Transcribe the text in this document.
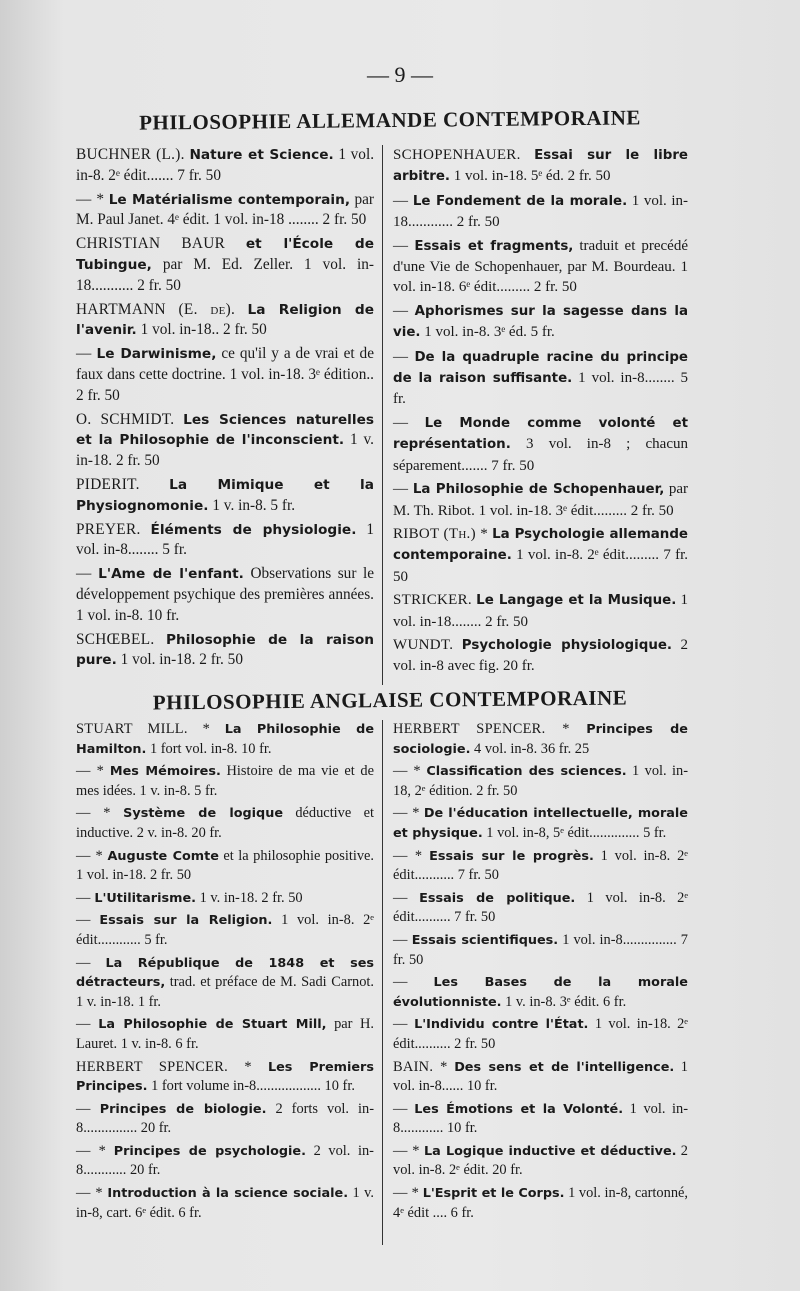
— 9 —
PHILOSOPHIE ALLEMANDE CONTEMPORAINE

BUCHNER (L.). Nature et Science. 1 vol. in-8. 2ᵉ édit....... 7 fr. 50

— * Le Matérialisme contemporain, par M. Paul Janet. 4ᵉ édit. 1 vol. in-18 ........ 2 fr. 50

CHRISTIAN BAUR et l'École de Tubingue, par M. Ed. Zeller. 1 vol. in-18........... 2 fr. 50

HARTMANN (E. de). La Religion de l'avenir. 1 vol. in-18.. 2 fr. 50

— Le Darwinisme, ce qu'il y a de vrai et de faux dans cette doctrine. 1 vol. in-18. 3ᵉ édition.. 2 fr. 50

O. SCHMIDT. Les Sciences naturelles et la Philosophie de l'inconscient. 1 v. in-18. 2 fr. 50

PIDERIT. La Mimique et la Physiognomonie. 1 v. in-8. 5 fr.

PREYER. Éléments de physiologie. 1 vol. in-8........ 5 fr.

— L'Ame de l'enfant. Observations sur le développement psychique des premières années. 1 vol. in-8. 10 fr.

SCHŒBEL. Philosophie de la raison pure. 1 vol. in-18. 2 fr. 50

SCHOPENHAUER. Essai sur le libre arbitre. 1 vol. in-18. 5ᵉ éd. 2 fr. 50

— Le Fondement de la morale. 1 vol. in-18............ 2 fr. 50

— Essais et fragments, traduit et precédé d'une Vie de Schopenhauer, par M. Bourdeau. 1 vol. in-18. 6ᵉ édit......... 2 fr. 50

— Aphorismes sur la sagesse dans la vie. 1 vol. in-8. 3ᵉ éd. 5 fr.

— De la quadruple racine du principe de la raison suffisante. 1 vol. in-8........ 5 fr.

— Le Monde comme volonté et représentation. 3 vol. in-8 ; chacun séparement....... 7 fr. 50

— La Philosophie de Schopenhauer, par M. Th. Ribot. 1 vol. in-18. 3ᵉ édit......... 2 fr. 50

RIBOT (Th.) * La Psychologie allemande contemporaine. 1 vol. in-8. 2ᵉ édit......... 7 fr. 50

STRICKER. Le Langage et la Musique. 1 vol. in-18........ 2 fr. 50

WUNDT. Psychologie physiologique. 2 vol. in-8 avec fig. 20 fr.

PHILOSOPHIE ANGLAISE CONTEMPORAINE

STUART MILL. * La Philosophie de Hamilton. 1 fort vol. in-8. 10 fr.

— * Mes Mémoires. Histoire de ma vie et de mes idées. 1 v. in-8. 5 fr.

— * Système de logique déductive et inductive. 2 v. in-8. 20 fr.

— * Auguste Comte et la philosophie positive. 1 vol. in-18. 2 fr. 50

— L'Utilitarisme. 1 v. in-18. 2 fr. 50

— Essais sur la Religion. 1 vol. in-8. 2ᵉ édit............ 5 fr.

— La République de 1848 et ses détracteurs, trad. et préface de M. Sadi Carnot. 1 v. in-18. 1 fr.

— La Philosophie de Stuart Mill, par H. Lauret. 1 v. in-8. 6 fr.

HERBERT SPENCER. * Les Premiers Principes. 1 fort volume in-8.................. 10 fr.

— Principes de biologie. 2 forts vol. in-8............... 20 fr.

— * Principes de psychologie. 2 vol. in-8............ 20 fr.

— * Introduction à la science sociale. 1 v. in-8, cart. 6ᵉ édit. 6 fr.

HERBERT SPENCER. * Principes de sociologie. 4 vol. in-8. 36 fr. 25

— * Classification des sciences. 1 vol. in-18, 2ᵉ édition. 2 fr. 50

— * De l'éducation intellectuelle, morale et physique. 1 vol. in-8, 5ᵉ édit.............. 5 fr.

— * Essais sur le progrès. 1 vol. in-8. 2ᵉ édit........... 7 fr. 50

— Essais de politique. 1 vol. in-8. 2ᵉ édit.......... 7 fr. 50

— Essais scientifiques. 1 vol. in-8............... 7 fr. 50

— Les Bases de la morale évolutionniste. 1 v. in-8. 3ᵉ édit. 6 fr.

— L'Individu contre l'État. 1 vol. in-18. 2ᵉ édit.......... 2 fr. 50

BAIN. * Des sens et de l'intelligence. 1 vol. in-8...... 10 fr.

— Les Émotions et la Volonté. 1 vol. in-8............ 10 fr.

— * La Logique inductive et déductive. 2 vol. in-8. 2ᵉ édit. 20 fr.

— * L'Esprit et le Corps. 1 vol. in-8, cartonné, 4ᵉ édit .... 6 fr.
